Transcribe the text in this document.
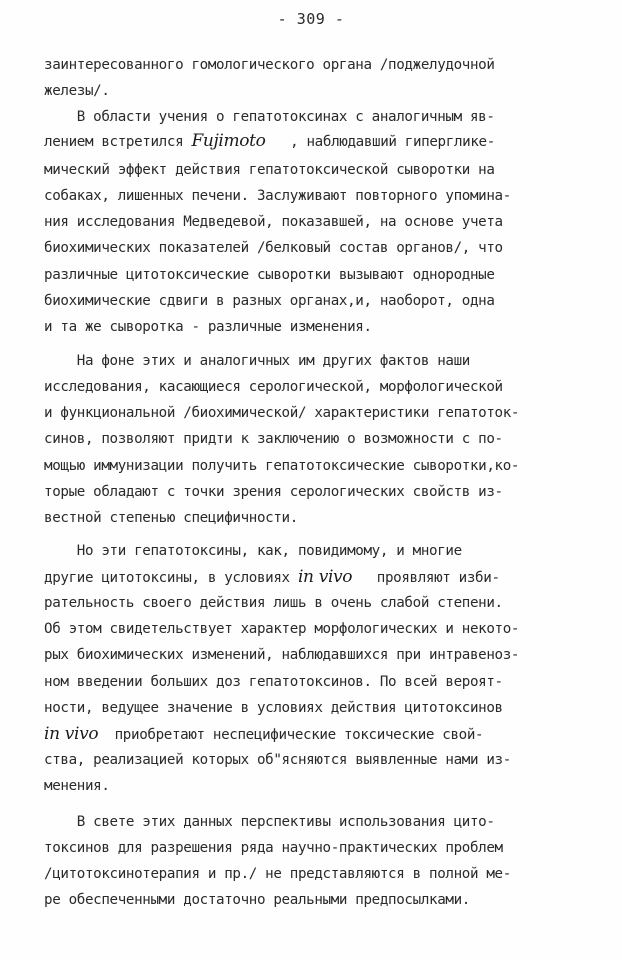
- 309 -
заинтересованного гомологического органа /поджелудочной
железы/.
В области учения о гепатотоксинах с аналогичным яв-
лением встретился Fujimoto   , наблюдавший гипергликe-
мический эффект действия гепатотоксической сыворотки на
собаках, лишенных печени. Заслуживают повторного упомина-
ния исследования Медведевой, показавшей, на основе учета
биохимических показателей /белковый состав органов/, что
различные цитотоксические сыворотки вызывают однородные
биохимические сдвиги в разных органах,и, наоборот, одна
и та же сыворотка - различные изменения.
На фоне этих и аналогичных им других фактов наши
исследования, касающиеся серологической, морфологической
и функциональной /биохимической/ характеристики гепатоток-
синов, позволяют придти к заключению о возможности с по-
мощью иммунизации получить гепатотоксические сыворотки,ко-
торые обладают с точки зрения серологических свойств из-
вестной степенью специфичности.
Но эти гепатотоксины, как, повидимому, и многие
другие цитотоксины, в условиях in vivo   проявляют изби-
рательность своего действия лишь в очень слабой степени.
Об этом свидетельствует характер морфологических и некото-
рых биохимических изменений, наблюдавшихся при интравеноз-
ном введении больших доз гепатотоксинов. По всей вероят-
ности, ведущее значение в условиях действия цитотоксинов
in vivo  приобретают неспецифические токсические свой-
ства, реализацией которых об"ясняются выявленные нами из-
менения.
В свете этих данных перспективы использования цито-
токсинов для разрешения ряда научно-практических проблем
/цитотоксинотерапия и пр./ не представляются в полной ме-
ре обеспеченными достаточно реальными предпосылками.
